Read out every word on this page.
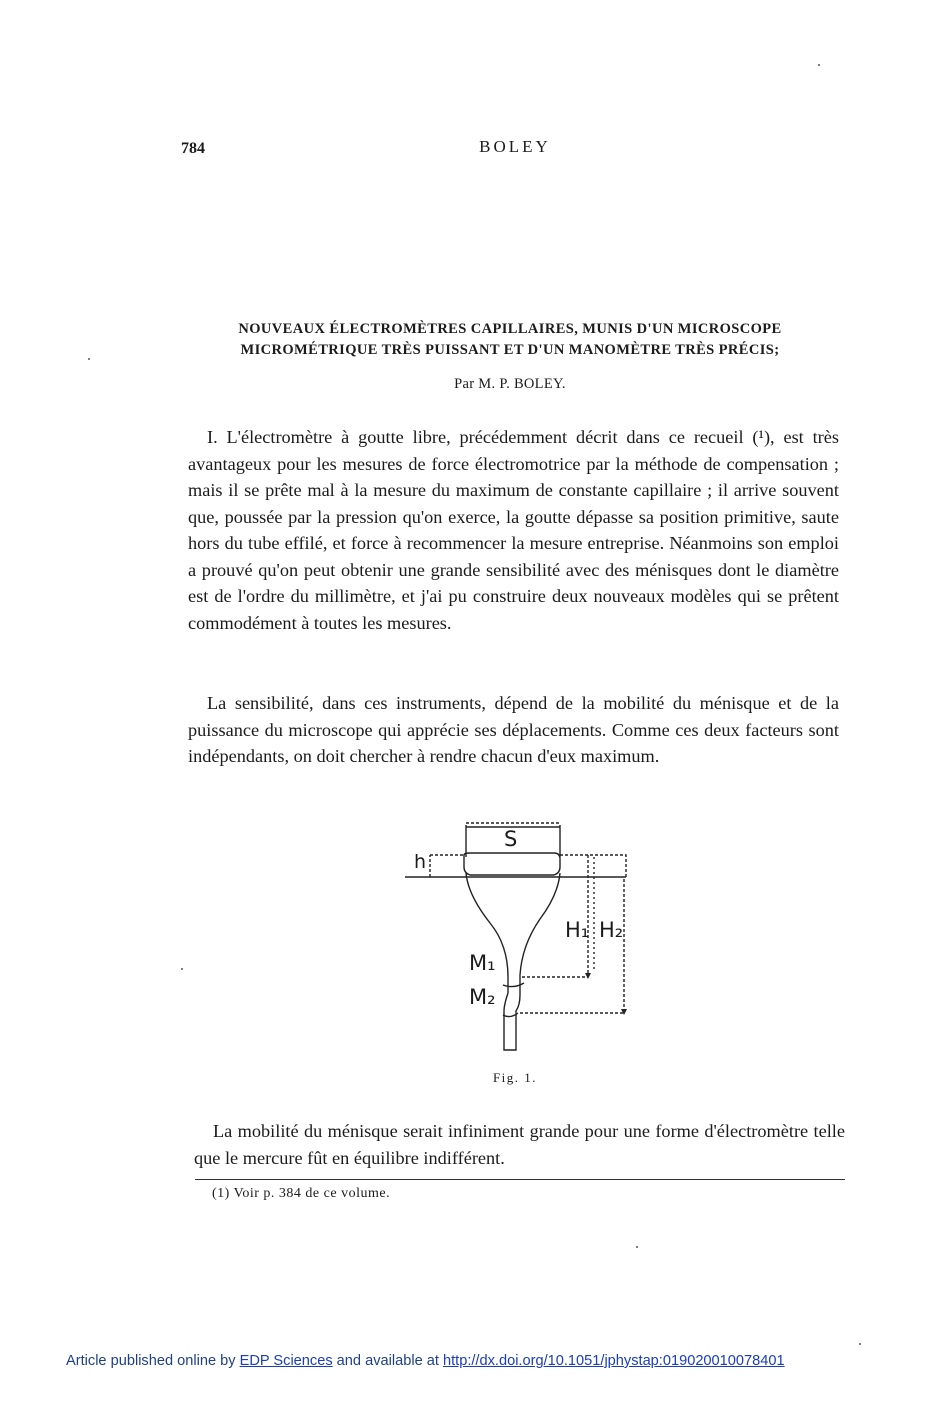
784	BOLEY
NOUVEAUX ÉLECTROMÈTRES CAPILLAIRES, MUNIS D'UN MICROSCOPE
MICROMÉTRIQUE TRÈS PUISSANT ET D'UN MANOMÈTRE TRÈS PRÉCIS;
Par M. P. BOLEY.

I. L'électromètre à goutte libre, précédemment décrit dans ce recueil (¹), est très avantageux pour les mesures de force électromotrice par la méthode de compensation ; mais il se prête mal à la mesure du maximum de constante capillaire ; il arrive souvent que, poussée par la pression qu'on exerce, la goutte dépasse sa position primitive, saute hors du tube effilé, et force à recommencer la mesure entreprise. Néanmoins son emploi a prouvé qu'on peut obtenir une grande sensibilité avec des ménisques dont le diamètre est de l'ordre du millimètre, et j'ai pu construire deux nouveaux modèles qui se prêtent commodément à toutes les mesures.

La sensibilité, dans ces instruments, dépend de la mobilité du ménisque et de la puissance du microscope qui apprécie ses déplacements. Comme ces deux facteurs sont indépendants, on doit chercher à rendre chacun d'eux maximum.

S
h
H₁ H₂
M₁
M₂
Fig. 1.

La mobilité du ménisque serait infiniment grande pour une forme d'électromètre telle que le mercure fût en équilibre indifférent.

(1) Voir p. 384 de ce volume.
Article published online by EDP Sciences and available at http://dx.doi.org/10.1051/jphystap:019020010078401
